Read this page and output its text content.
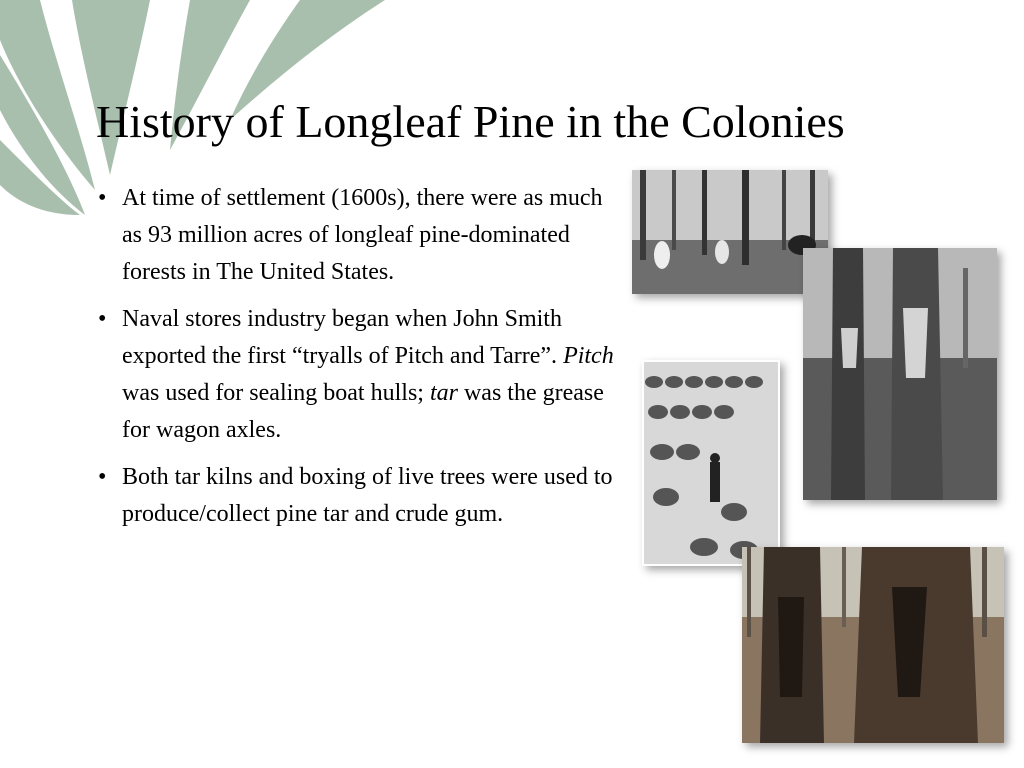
History of Longleaf Pine in the Colonies
• At time of settlement (1600s), there were as much as 93 million acres of longleaf pine-dominated forests in The United States.
• Naval stores industry began when John Smith exported the first “tryalls of Pitch and Tarre”. Pitch was used for sealing boat hulls; tar was the grease for wagon axles.
• Both tar kilns and boxing of live trees were used to produce/collect pine tar and crude gum.
